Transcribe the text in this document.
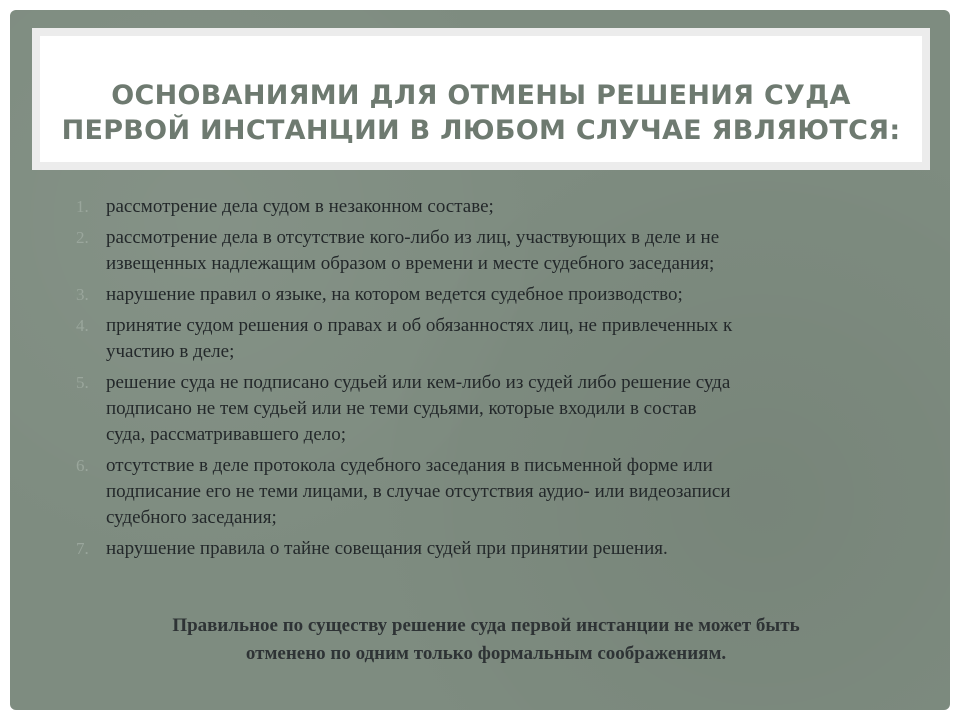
ОСНОВАНИЯМИ ДЛЯ ОТМЕНЫ РЕШЕНИЯ СУДА
ПЕРВОЙ ИНСТАНЦИИ В ЛЮБОМ СЛУЧАЕ ЯВЛЯЮТСЯ:
1. рассмотрение дела судом в незаконном составе;
2. рассмотрение дела в отсутствие кого-либо из лиц, участвующих в деле и не
извещенных надлежащим образом о времени и месте судебного заседания;
3. нарушение правил о языке, на котором ведется судебное производство;
4. принятие судом решения о правах и об обязанностях лиц, не привлеченных к
участию в деле;
5. решение суда не подписано судьей или кем-либо из судей либо решение суда
подписано не тем судьей или не теми судьями, которые входили в состав
суда, рассматривавшего дело;
6. отсутствие в деле протокола судебного заседания в письменной форме или
подписание его не теми лицами, в случае отсутствия аудио- или видеозаписи
судебного заседания;
7. нарушение правила о тайне совещания судей при принятии решения.

Правильное по существу решение суда первой инстанции не может быть
отменено по одним только формальным соображениям.
